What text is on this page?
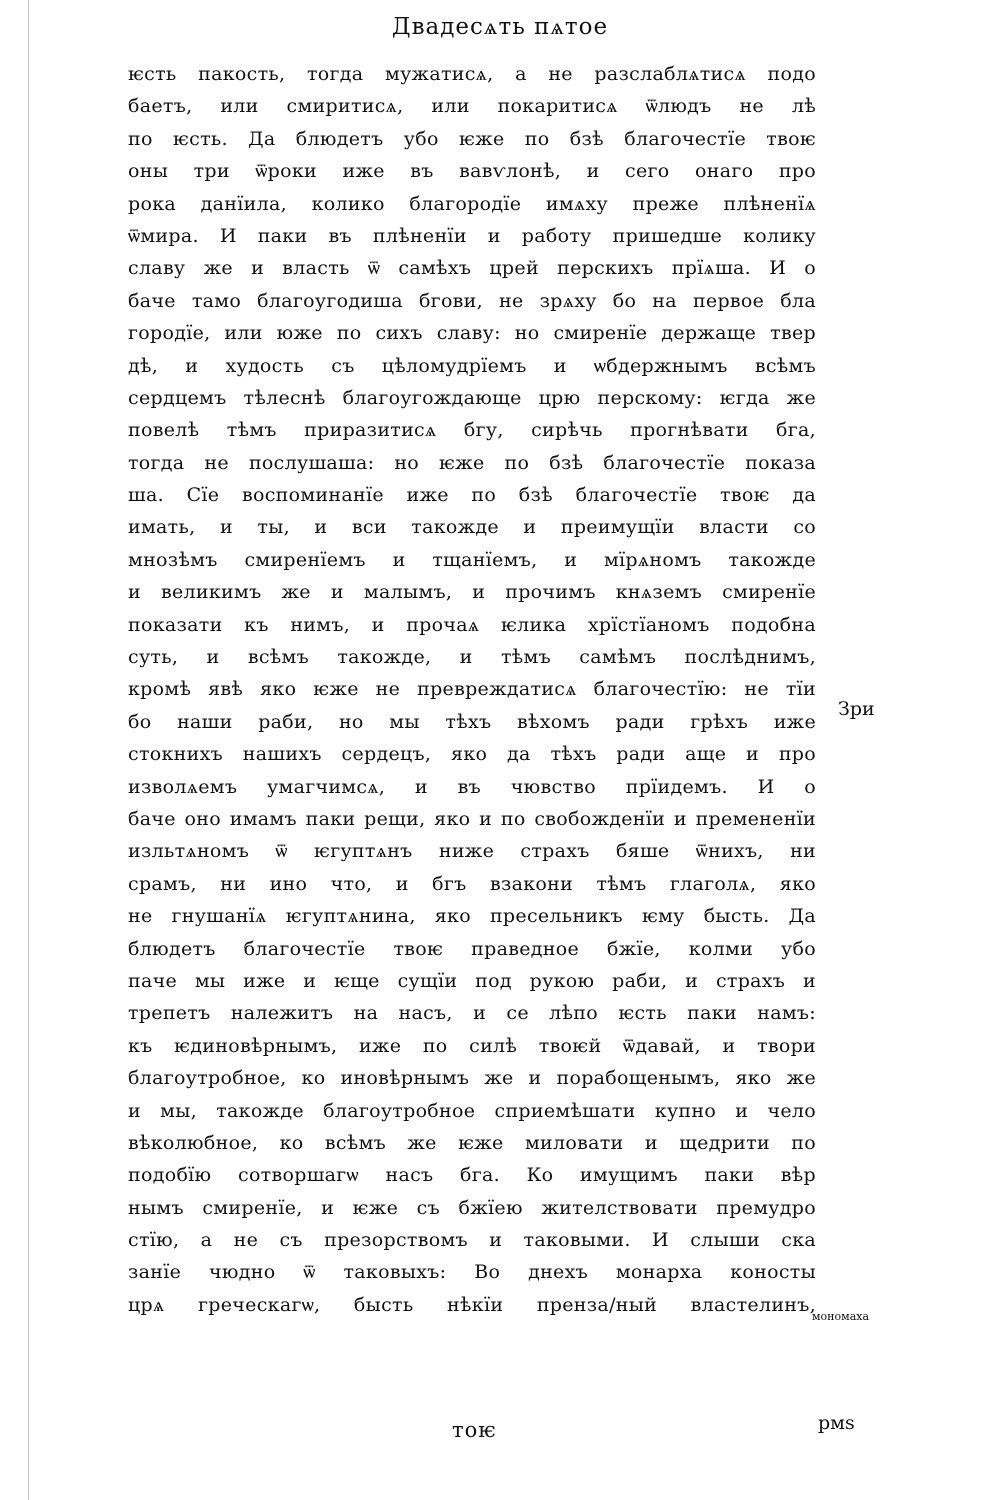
Двадесѧть пѧтое
ѥсть пакость, тогда мужатисѧ, а не разслаблѧтисѧ подо
баетъ, или смиритисѧ, или покаритисѧ ѿлюдъ не лѣ
по ѥсть. Да блюдетъ убо ѥже по бзѣ благочестїе твоѥ
оны три ѿроки иже въ вавѵлонѣ, и сего онаго про
рока данїила, колико благородїе имѧху преже плѣненїѧ
ѿмира. И паки въ плѣненїи и работу пришедше колику
славу же и власть ѿ самѣхъ црей перскихъ прїѧша. И о
баче тамо благоугодиша бгови, не зрѧху бо на первое бла
городїе, или юже по сихъ славу: но смиренїе держаще твер
дѣ, и худость съ цѣломудрїемъ и ѡбдержнымъ всѣмъ
сердцемъ тѣлеснѣ благоугождающе црю перскому: ѥгда же
повелѣ тѣмъ приразитисѧ бгу, сирѣчь прогнѣвати бга,
тогда не послушаша: но ѥже по бзѣ благочестїе показа
ша. Сїе воспоминанїе иже по бзѣ благочестїе твоѥ да
имать, и ты, и вси такожде и преимущїи власти со
мнозѣмъ смиренїемъ и тщанїемъ, и мїрѧномъ такожде
и великимъ же и малымъ, и прочимъ кнѧземъ смиренїе
показати къ нимъ, и прочаѧ ѥлика хрїстїаномъ подобна
суть, и всѣмъ такожде, и тѣмъ самѣмъ послѣднимъ,
кромѣ явѣ яко ѥже не превреждатисѧ благочестїю: не тїи
бо наши раби, но мы тѣхъ вѣхомъ ради грѣхъ иже
стокнихъ нашихъ сердецъ, яко да тѣхъ ради аще и про
изволѧемъ умагчимсѧ, и въ чювство прїидемъ. И о
баче оно имамъ паки рещи, яко и по свобожденїи и премененїи
изльтѧномъ ѿ ѥгуптѧнъ ниже страхъ бяше ѿнихъ, ни
срамъ, ни ино что, и бгъ взакони тѣмъ глаголѧ, яко
не гнушанїѧ ѥгуптѧнина, яко пресельникъ ѥму бысть. Да
блюдетъ благочестїе твоѥ праведное бжїе, колми убо
паче мы иже и ѥще сущїи под рукою раби, и страхъ и
трепетъ належитъ на насъ, и се лѣпо ѥсть паки намъ:
къ ѥдиновѣрнымъ, иже по силѣ твоѥй ѿдавай, и твори
благоутробное, ко иновѣрнымъ же и порабощенымъ, яко же
и мы, такожде благоутробное сприемѣшати купно и чело
вѣколюбное, ко всѣмъ же ѥже миловати и щедрити по
подобїю сотворшагѡ насъ бга. Ко имущимъ паки вѣр
нымъ смиренїе, и ѥже съ бжїею жителствовати премудро
стїю, а не съ презорствомъ и таковыми. И слыши ска
занїе чюдно ѿ таковыхъ: Во днехъ монарха коносты
црѧ греческагѡ, бысть нѣкїи пренза/ный властелинъ,
Зри
мономаха
тоѥ	рмѕ
